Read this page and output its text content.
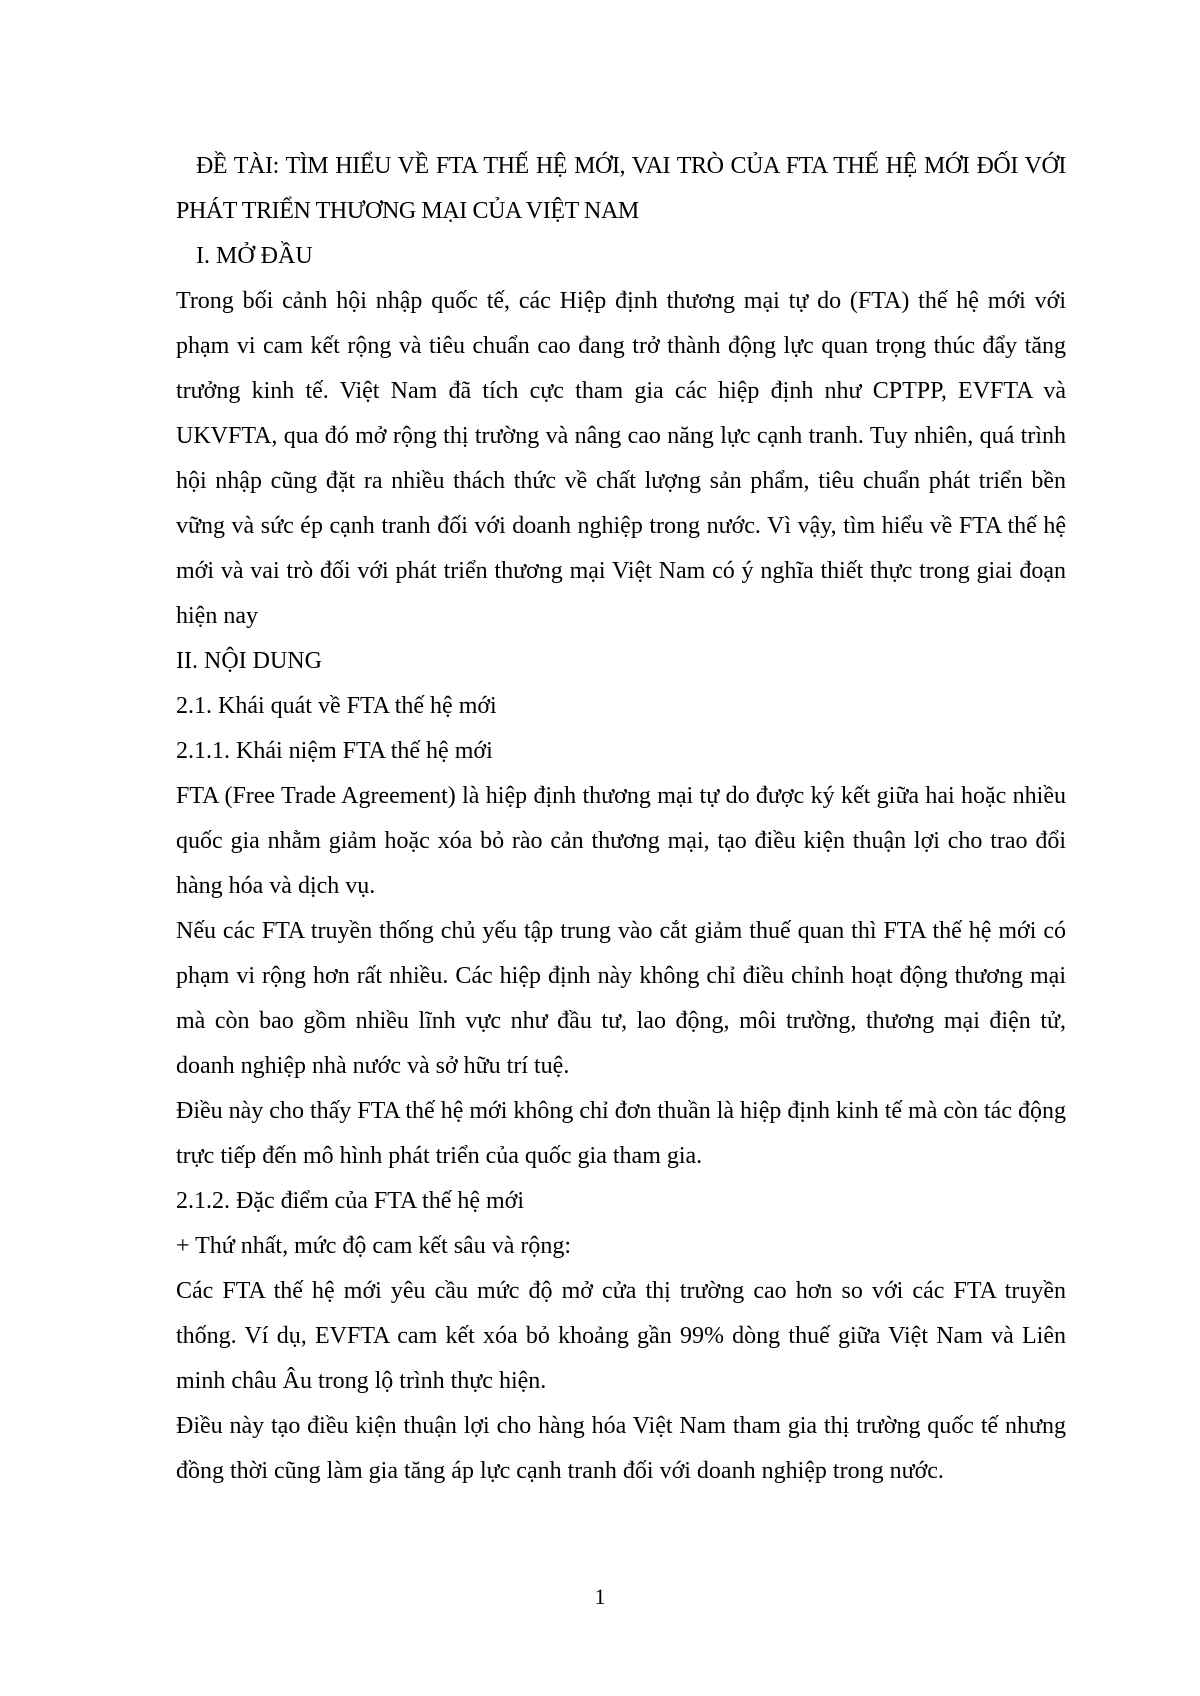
ĐỀ TÀI: TÌM HIỂU VỀ FTA THẾ HỆ MỚI, VAI TRÒ CỦA FTA THẾ HỆ MỚI ĐỐI VỚI PHÁT TRIỂN THƯƠNG MẠI CỦA VIỆT NAM

I. MỞ ĐẦU

Trong bối cảnh hội nhập quốc tế, các Hiệp định thương mại tự do (FTA) thế hệ mới với phạm vi cam kết rộng và tiêu chuẩn cao đang trở thành động lực quan trọng thúc đẩy tăng trưởng kinh tế. Việt Nam đã tích cực tham gia các hiệp định như CPTPP, EVFTA và UKVFTA, qua đó mở rộng thị trường và nâng cao năng lực cạnh tranh. Tuy nhiên, quá trình hội nhập cũng đặt ra nhiều thách thức về chất lượng sản phẩm, tiêu chuẩn phát triển bền vững và sức ép cạnh tranh đối với doanh nghiệp trong nước. Vì vậy, tìm hiểu về FTA thế hệ mới và vai trò đối với phát triển thương mại Việt Nam có ý nghĩa thiết thực trong giai đoạn hiện nay

II. NỘI DUNG

2.1. Khái quát về FTA thế hệ mới

2.1.1. Khái niệm FTA thế hệ mới

FTA (Free Trade Agreement) là hiệp định thương mại tự do được ký kết giữa hai hoặc nhiều quốc gia nhằm giảm hoặc xóa bỏ rào cản thương mại, tạo điều kiện thuận lợi cho trao đổi hàng hóa và dịch vụ.

Nếu các FTA truyền thống chủ yếu tập trung vào cắt giảm thuế quan thì FTA thế hệ mới có phạm vi rộng hơn rất nhiều. Các hiệp định này không chỉ điều chỉnh hoạt động thương mại mà còn bao gồm nhiều lĩnh vực như đầu tư, lao động, môi trường, thương mại điện tử, doanh nghiệp nhà nước và sở hữu trí tuệ.

Điều này cho thấy FTA thế hệ mới không chỉ đơn thuần là hiệp định kinh tế mà còn tác động trực tiếp đến mô hình phát triển của quốc gia tham gia.

2.1.2. Đặc điểm của FTA thế hệ mới

+ Thứ nhất, mức độ cam kết sâu và rộng:

Các FTA thế hệ mới yêu cầu mức độ mở cửa thị trường cao hơn so với các FTA truyền thống. Ví dụ, EVFTA cam kết xóa bỏ khoảng gần 99% dòng thuế giữa Việt Nam và Liên minh châu Âu trong lộ trình thực hiện.

Điều này tạo điều kiện thuận lợi cho hàng hóa Việt Nam tham gia thị trường quốc tế nhưng đồng thời cũng làm gia tăng áp lực cạnh tranh đối với doanh nghiệp trong nước.

1
